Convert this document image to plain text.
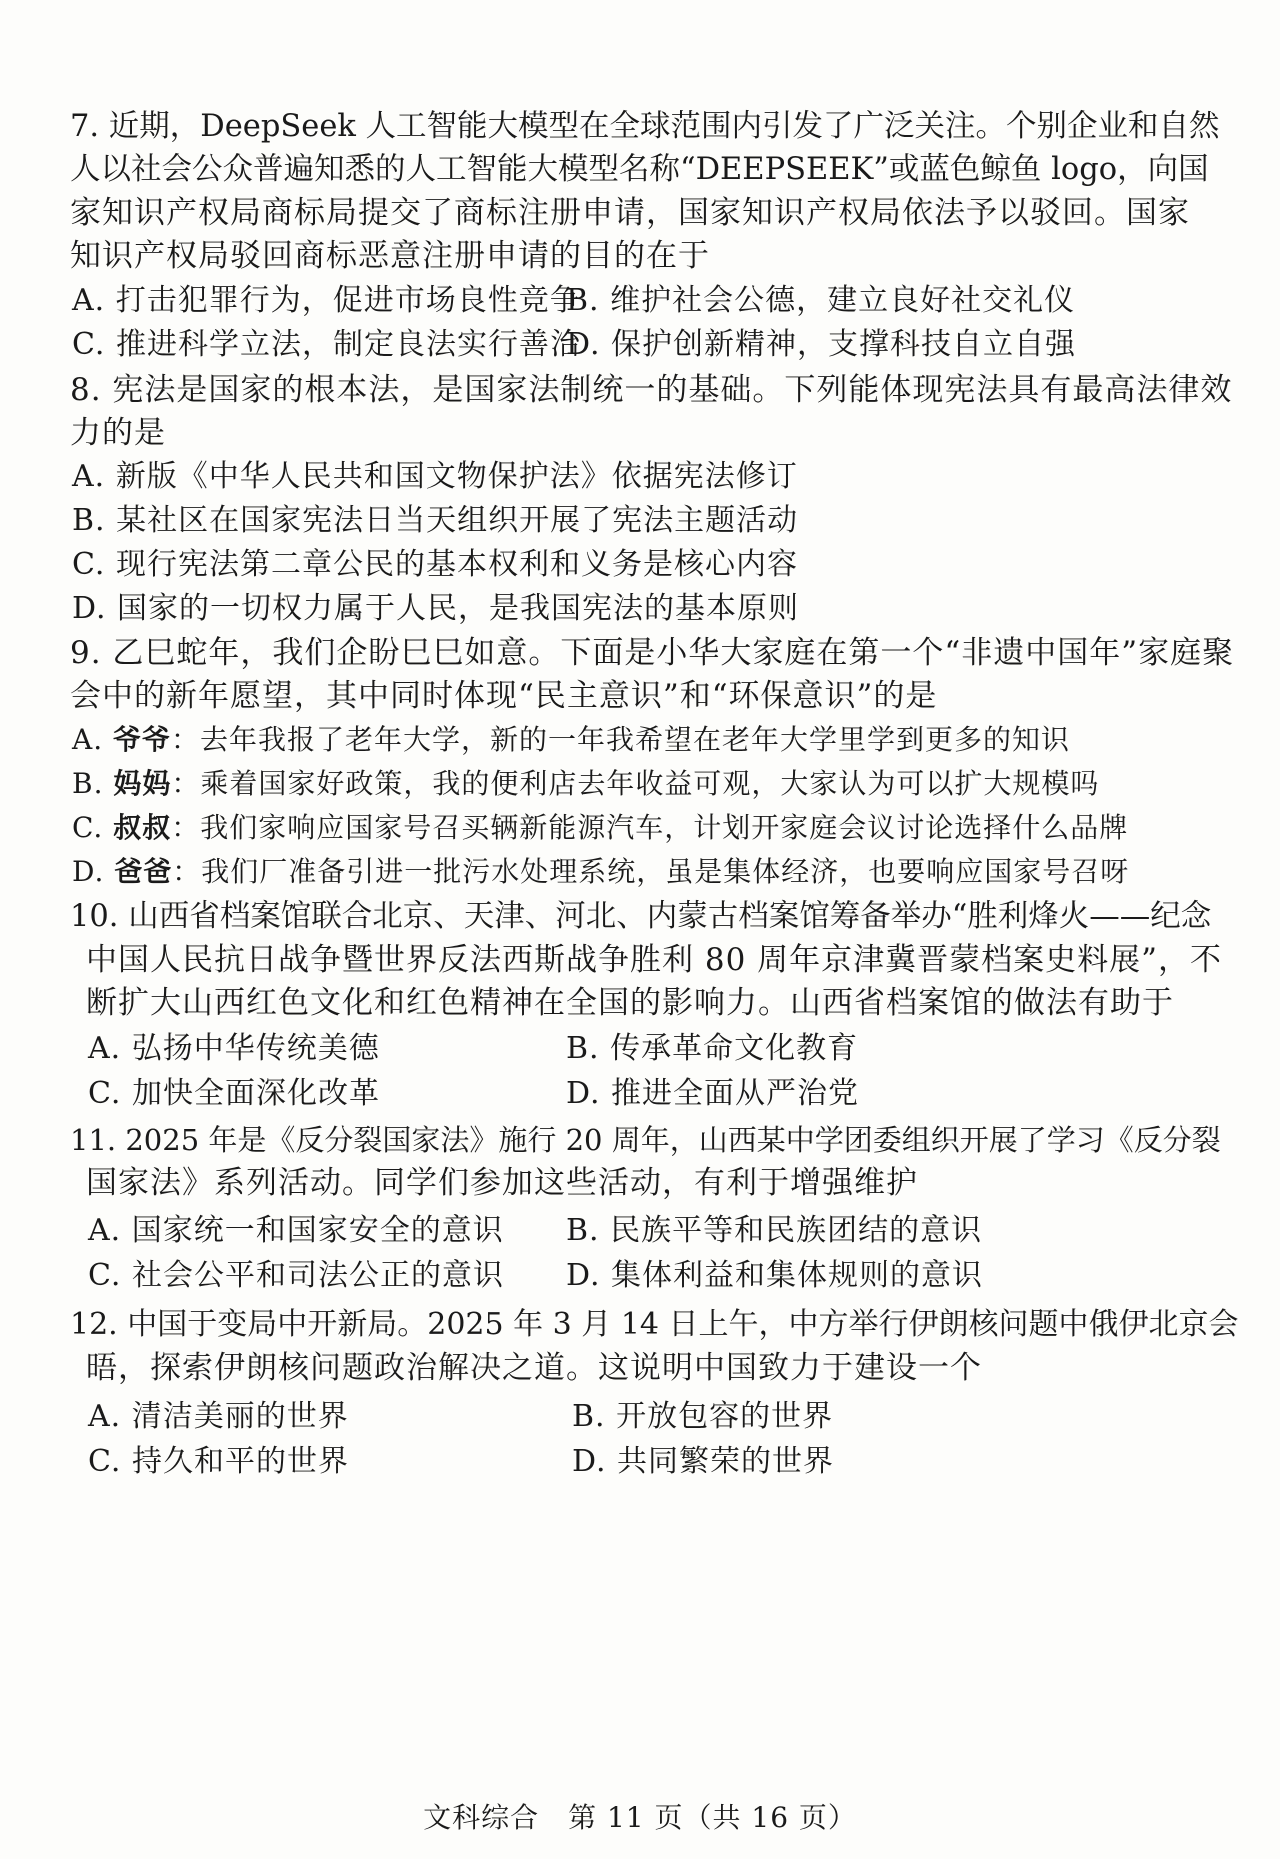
7. 近期，DeepSeek 人工智能大模型在全球范围内引发了广泛关注。个别企业和自然
人以社会公众普遍知悉的人工智能大模型名称“DEEPSEEK”或蓝色鲸鱼 logo，向国
家知识产权局商标局提交了商标注册申请，国家知识产权局依法予以驳回。国家
知识产权局驳回商标恶意注册申请的目的在于
A. 打击犯罪行为，促进市场良性竞争
B. 维护社会公德，建立良好社交礼仪
C. 推进科学立法，制定良法实行善治
D. 保护创新精神，支撑科技自立自强
8. 宪法是国家的根本法，是国家法制统一的基础。下列能体现宪法具有最高法律效
力的是
A. 新版《中华人民共和国文物保护法》依据宪法修订
B. 某社区在国家宪法日当天组织开展了宪法主题活动
C. 现行宪法第二章公民的基本权利和义务是核心内容
D. 国家的一切权力属于人民，是我国宪法的基本原则
9. 乙巳蛇年，我们企盼巳巳如意。下面是小华大家庭在第一个“非遗中国年”家庭聚
会中的新年愿望，其中同时体现“民主意识”和“环保意识”的是
A. 爷爷：去年我报了老年大学，新的一年我希望在老年大学里学到更多的知识
B. 妈妈：乘着国家好政策，我的便利店去年收益可观，大家认为可以扩大规模吗
C. 叔叔：我们家响应国家号召买辆新能源汽车，计划开家庭会议讨论选择什么品牌
D. 爸爸：我们厂准备引进一批污水处理系统，虽是集体经济，也要响应国家号召呀
10. 山西省档案馆联合北京、天津、河北、内蒙古档案馆筹备举办“胜利烽火——纪念
中国人民抗日战争暨世界反法西斯战争胜利 80 周年京津冀晋蒙档案史料展”，不
断扩大山西红色文化和红色精神在全国的影响力。山西省档案馆的做法有助于
A. 弘扬中华传统美德	B. 传承革命文化教育
C. 加快全面深化改革	D. 推进全面从严治党
11. 2025 年是《反分裂国家法》施行 20 周年，山西某中学团委组织开展了学习《反分裂
国家法》系列活动。同学们参加这些活动，有利于增强维护
A. 国家统一和国家安全的意识 B. 民族平等和民族团结的意识
C. 社会公平和司法公正的意识 D. 集体利益和集体规则的意识
12. 中国于变局中开新局。2025 年 3 月 14 日上午，中方举行伊朗核问题中俄伊北京会
晤，探索伊朗核问题政治解决之道。这说明中国致力于建设一个
A. 清洁美丽的世界	B. 开放包容的世界
C. 持久和平的世界	D. 共同繁荣的世界
文科综合　第 11 页（共 16 页）
